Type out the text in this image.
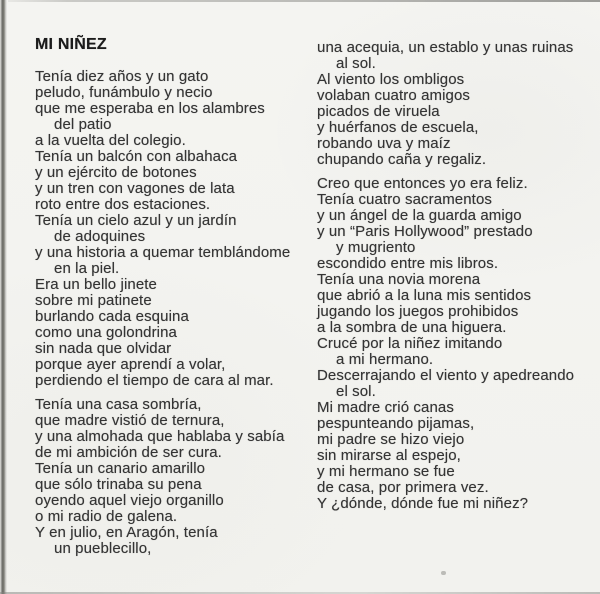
MI NIÑEZ
Tenía diez años y un gato
peludo, funámbulo y necio
que me esperaba en los alambres
del patio
a la vuelta del colegio.
Tenía un balcón con albahaca
y un ejército de botones
y un tren con vagones de lata
roto entre dos estaciones.
Tenía un cielo azul y un jardín
de adoquines
y una historia a quemar temblándome
en la piel.
Era un bello jinete
sobre mi patinete
burlando cada esquina
como una golondrina
sin nada que olvidar
porque ayer aprendí a volar,
perdiendo el tiempo de cara al mar.
Tenía una casa sombría,
que madre vistió de ternura,
y una almohada que hablaba y sabía
de mi ambición de ser cura.
Tenía un canario amarillo
que sólo trinaba su pena
oyendo aquel viejo organillo
o mi radio de galena.
Y en julio, en Aragón, tenía
un pueblecillo,
una acequia, un establo y unas ruinas
al sol.
Al viento los ombligos
volaban cuatro amigos
picados de viruela
y huérfanos de escuela,
robando uva y maíz
chupando caña y regaliz.
Creo que entonces yo era feliz.
Tenía cuatro sacramentos
y un ángel de la guarda amigo
y un “Paris Hollywood” prestado
y mugriento
escondido entre mis libros.
Tenía una novia morena
que abrió a la luna mis sentidos
jugando los juegos prohibidos
a la sombra de una higuera.
Crucé por la niñez imitando
a mi hermano.
Descerrajando el viento y apedreando
el sol.
Mi madre crió canas
pespunteando pijamas,
mi padre se hizo viejo
sin mirarse al espejo,
y mi hermano se fue
de casa, por primera vez.
Y ¿dónde, dónde fue mi niñez?
